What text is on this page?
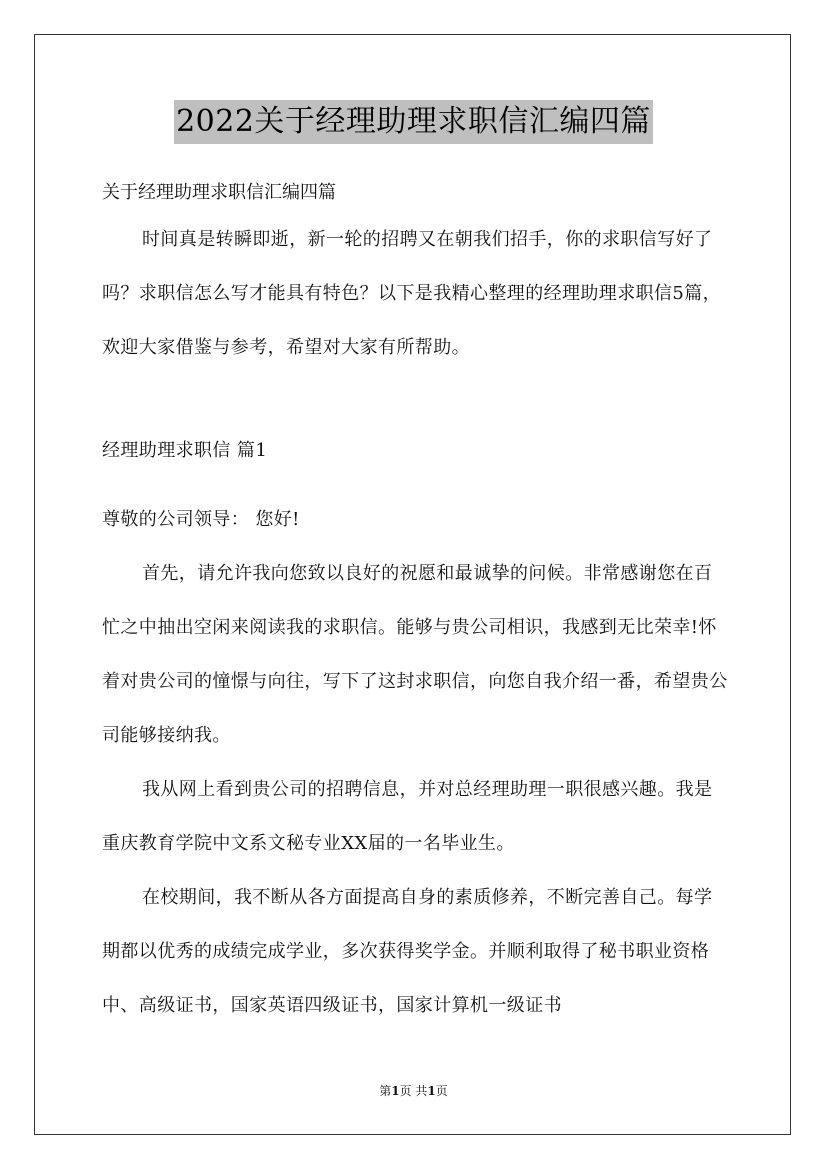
2022关于经理助理求职信汇编四篇
关于经理助理求职信汇编四篇

时间真是转瞬即逝，新一轮的招聘又在朝我们招手，你的求职信写好了吗？求职信怎么写才能具有特色？以下是我精心整理的经理助理求职信5篇，欢迎大家借鉴与参考，希望对大家有所帮助。

经理助理求职信 篇1
尊敬的公司领导： 您好!

首先，请允许我向您致以良好的祝愿和最诚挚的问候。非常感谢您在百忙之中抽出空闲来阅读我的求职信。能够与贵公司相识，我感到无比荣幸!怀着对贵公司的憧憬与向往，写下了这封求职信，向您自我介绍一番，希望贵公司能够接纳我。

我从网上看到贵公司的招聘信息，并对总经理助理一职很感兴趣。我是重庆教育学院中文系文秘专业XX届的一名毕业生。

在校期间，我不断从各方面提高自身的素质修养，不断完善自己。每学期都以优秀的成绩完成学业，多次获得奖学金。并顺利取得了秘书职业资格中、高级证书，国家英语四级证书，国家计算机一级证书

第1页 共1页
